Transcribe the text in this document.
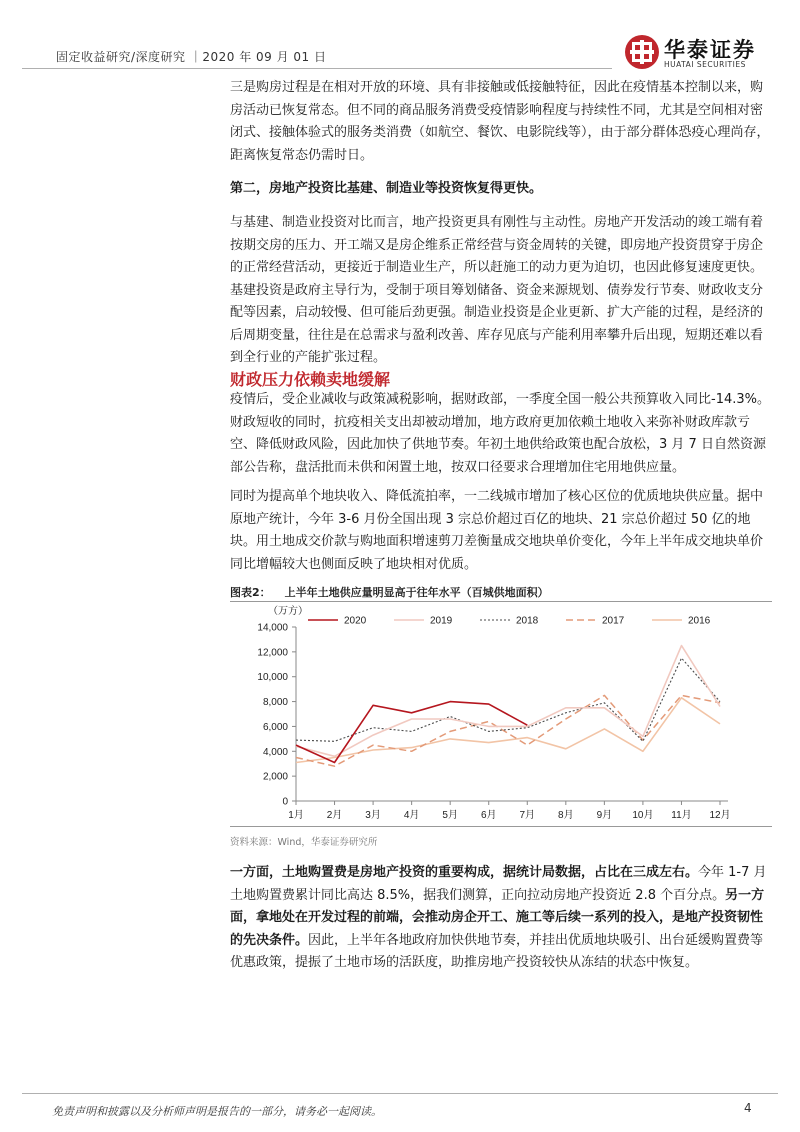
固定收益研究/深度研究 ｜2020 年 09 月 01 日	华泰证券
HUATAI SECURITIES

三是购房过程是在相对开放的环境、具有非接触或低接触特征，因此在疫情基本控制以来，购房活动已恢复常态。但不同的商品服务消费受疫情影响程度与持续性不同，尤其是空间相对密闭式、接触体验式的服务类消费（如航空、餐饮、电影院线等），由于部分群体恐疫心理尚存，距离恢复常态仍需时日。

第二，房地产投资比基建、制造业等投资恢复得更快。

与基建、制造业投资对比而言，地产投资更具有刚性与主动性。房地产开发活动的竣工端有着按期交房的压力、开工端又是房企维系正常经营与资金周转的关键，即房地产投资贯穿于房企的正常经营活动，更接近于制造业生产，所以赶施工的动力更为迫切，也因此修复速度更快。基建投资是政府主导行为，受制于项目筹划储备、资金来源规划、债券发行节奏、财政收支分配等因素，启动较慢、但可能后劲更强。制造业投资是企业更新、扩大产能的过程，是经济的后周期变量，往往是在总需求与盈利改善、库存见底与产能利用率攀升后出现，短期还难以看到全行业的产能扩张过程。

财政压力依赖卖地缓解

疫情后，受企业减收与政策减税影响，据财政部，一季度全国一般公共预算收入同比-14.3%。财政短收的同时，抗疫相关支出却被动增加，地方政府更加依赖土地收入来弥补财政库款亏空、降低财政风险，因此加快了供地节奏。年初土地供给政策也配合放松，3 月 7 日自然资源部公告称，盘活批而未供和闲置土地，按双口径要求合理增加住宅用地供应量。

同时为提高单个地块收入、降低流拍率，一二线城市增加了核心区位的优质地块供应量。据中原地产统计，今年 3-6 月份全国出现 3 宗总价超过百亿的地块、21 宗总价超过 50 亿的地块。用土地成交价款与购地面积增速剪刀差衡量成交地块单价变化，今年上半年成交地块单价同比增幅较大也侧面反映了地块相对优质。

图表2： 上半年土地供应量明显高于往年水平（百城供地面积）
（万方）
0
2,000
4,000
6,000
8,000
10,000
12,000
14,000
1月 2月 3月 4月 5月 6月 7月 8月 9月 10月 11月 12月
2020	2019	2018	2017	2016
资料来源：Wind，华泰证券研究所

一方面，土地购置费是房地产投资的重要构成，据统计局数据，占比在三成左右。今年 1-7 月土地购置费累计同比高达 8.5%，据我们测算，正向拉动房地产投资近 2.8 个百分点。另一方面，拿地处在开发过程的前端，会推动房企开工、施工等后续一系列的投入，是地产投资韧性的先决条件。因此，上半年各地政府加快供地节奏，并挂出优质地块吸引、出台延缓购置费等优惠政策，提振了土地市场的活跃度，助推房地产投资较快从冻结的状态中恢复。

免责声明和披露以及分析师声明是报告的一部分，请务必一起阅读。	4
